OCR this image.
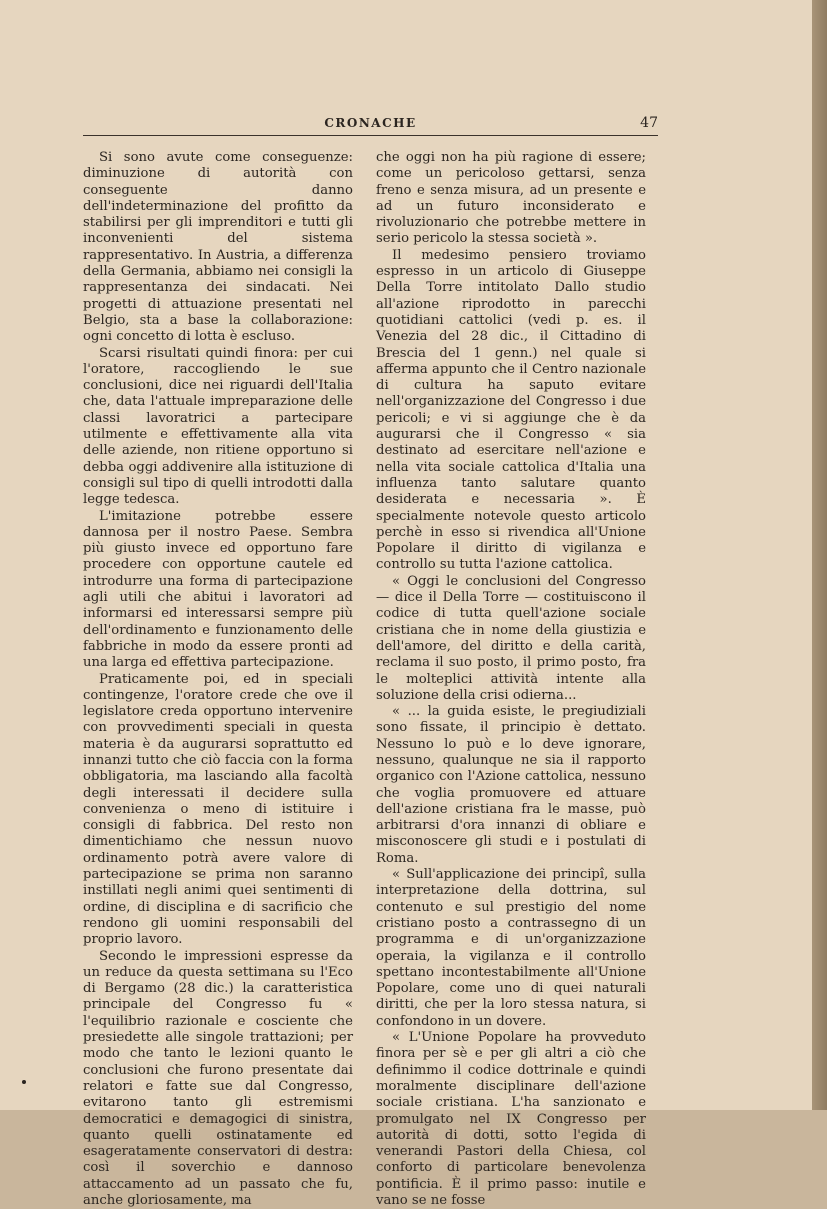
CRONACHE	47

Si sono avute come conseguenze: diminuzione di autorità con conseguente danno dell'indeterminazione del profitto da stabilirsi per gli imprenditori e tutti gli inconvenienti del sistema rappresentativo. In Austria, a differenza della Germania, abbiamo nei consigli la rappresentanza dei sindacati. Nei progetti di attuazione presentati nel Belgio, sta a base la collaborazione: ogni concetto di lotta è escluso.

Scarsi risultati quindi finora: per cui l'oratore, raccogliendo le sue conclusioni, dice nei riguardi dell'Italia che, data l'attuale impreparazione delle classi lavoratrici a partecipare utilmente e effettivamente alla vita delle aziende, non ritiene opportuno si debba oggi addivenire alla istituzione di consigli sul tipo di quelli introdotti dalla legge tedesca.

L'imitazione potrebbe essere dannosa per il nostro Paese. Sembra più giusto invece ed opportuno fare procedere con opportune cautele ed introdurre una forma di partecipazione agli utili che abitui i lavoratori ad informarsi ed interessarsi sempre più dell'ordinamento e funzionamento delle fabbriche in modo da essere pronti ad una larga ed effettiva partecipazione.

Praticamente poi, ed in speciali contingenze, l'oratore crede che ove il legislatore creda opportuno intervenire con provvedimenti speciali in questa materia è da augurarsi soprattutto ed innanzi tutto che ciò faccia con la forma obbligatoria, ma lasciando alla facoltà degli interessati il decidere sulla convenienza o meno di istituire i consigli di fabbrica. Del resto non dimentichiamo che nessun nuovo ordinamento potrà avere valore di partecipazione se prima non saranno instillati negli animi quei sentimenti di ordine, di disciplina e di sacrificio che rendono gli uomini responsabili del proprio lavoro.

Secondo le impressioni espresse da un reduce da questa settimana su l'Eco di Bergamo (28 dic.) la caratteristica principale del Congresso fu « l'equilibrio razionale e cosciente che presiedette alle singole trattazioni; per modo che tanto le lezioni quanto le conclusioni che furono presentate dai relatori e fatte sue dal Congresso, evitarono tanto gli estremismi democratici e demagogici di sinistra, quanto quelli ostinatamente ed esageratamente conservatori di destra: così il soverchio e dannoso attaccamento ad un passato che fu, anche gloriosamente, ma

che oggi non ha più ragione di essere; come un pericoloso gettarsi, senza freno e senza misura, ad un presente e ad un futuro inconsiderato e rivoluzionario che potrebbe mettere in serio pericolo la stessa società ».

Il medesimo pensiero troviamo espresso in un articolo di Giuseppe Della Torre intitolato Dallo studio all'azione riprodotto in parecchi quotidiani cattolici (vedi p. es. il Venezia del 28 dic., il Cittadino di Brescia del 1 genn.) nel quale si afferma appunto che il Centro nazionale di cultura ha saputo evitare nell'organizzazione del Congresso i due pericoli; e vi si aggiunge che è da augurarsi che il Congresso « sia destinato ad esercitare nell'azione e nella vita sociale cattolica d'Italia una influenza tanto salutare quanto desiderata e necessaria ». È specialmente notevole questo articolo perchè in esso si rivendica all'Unione Popolare il diritto di vigilanza e controllo su tutta l'azione cattolica.

« Oggi le conclusioni del Congresso — dice il Della Torre — costituiscono il codice di tutta quell'azione sociale cristiana che in nome della giustizia e dell'amore, del diritto e della carità, reclama il suo posto, il primo posto, fra le molteplici attività intente alla soluzione della crisi odierna...

« ... la guida esiste, le pregiudiziali sono fissate, il principio è dettato. Nessuno lo può e lo deve ignorare, nessuno, qualunque ne sia il rapporto organico con l'Azione cattolica, nessuno che voglia promuovere ed attuare dell'azione cristiana fra le masse, può arbitrarsi d'ora innanzi di obliare e misconoscere gli studi e i postulati di Roma.

« Sull'applicazione dei principî, sulla interpretazione della dottrina, sul contenuto e sul prestigio del nome cristiano posto a contrassegno di un programma e di un'organizzazione operaia, la vigilanza e il controllo spettano incontestabilmente all'Unione Popolare, come uno di quei naturali diritti, che per la loro stessa natura, si confondono in un dovere.

« L'Unione Popolare ha provveduto finora per sè e per gli altri a ciò che definimmo il codice dottrinale e quindi moralmente disciplinare dell'azione sociale cristiana. L'ha sanzionato e promulgato nel IX Congresso per autorità di dotti, sotto l'egida di venerandi Pastori della Chiesa, col conforto di particolare benevolenza pontificia. È il primo passo: inutile e vano se ne fosse
